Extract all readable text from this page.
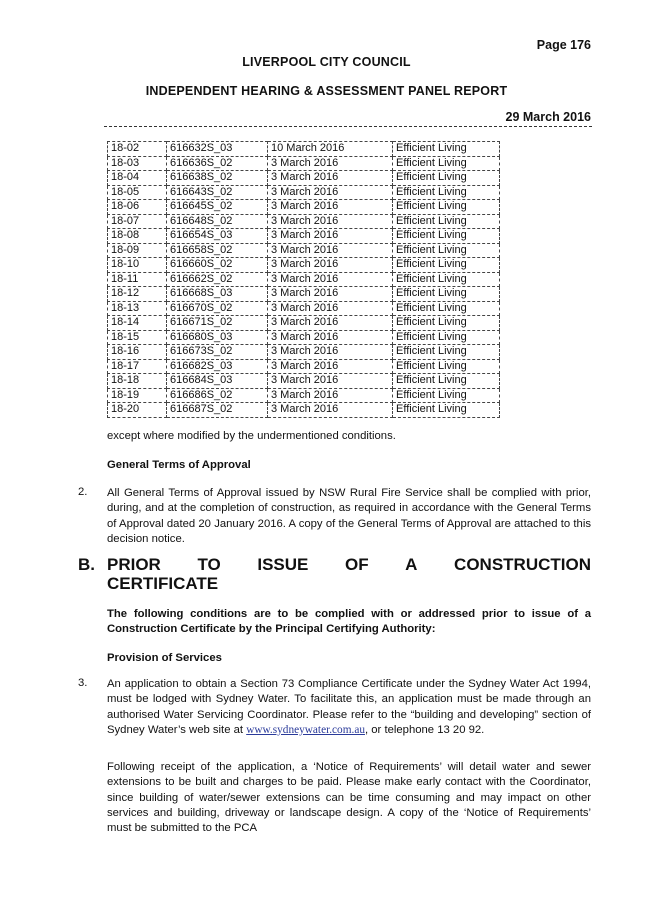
Page 176
LIVERPOOL CITY COUNCIL
INDEPENDENT HEARING & ASSESSMENT PANEL REPORT
29 March 2016
18-02	616632S_03	10 March 2016	Efficient Living
18-03	616636S_02	3 March 2016	Efficient Living
18-04	616638S_02	3 March 2016	Efficient Living
18-05	616643S_02	3 March 2016	Efficient Living
18-06	616645S_02	3 March 2016	Efficient Living
18-07	616648S_02	3 March 2016	Efficient Living
18-08	616654S_03	3 March 2016	Efficient Living
18-09	616658S_02	3 March 2016	Efficient Living
18-10	616660S_02	3 March 2016	Efficient Living
18-11	616662S_02	3 March 2016	Efficient Living
18-12	616668S_03	3 March 2016	Efficient Living
18-13	616670S_02	3 March 2016	Efficient Living
18-14	616671S_02	3 March 2016	Efficient Living
18-15	616680S_03	3 March 2016	Efficient Living
18-16	616673S_02	3 March 2016	Efficient Living
18-17	616682S_03	3 March 2016	Efficient Living
18-18	616684S_03	3 March 2016	Efficient Living
18-19	616686S_02	3 March 2016	Efficient Living
18-20	616687S_02	3 March 2016	Efficient Living
except where modified by the undermentioned conditions.
General Terms of Approval
2. All General Terms of Approval issued by NSW Rural Fire Service shall be complied with prior, during, and at the completion of construction, as required in accordance with the General Terms of Approval dated 20 January 2016. A copy of the General Terms of Approval are attached to this decision notice.
B. PRIOR TO ISSUE OF A CONSTRUCTION
CERTIFICATE
The following conditions are to be complied with or addressed prior to issue of a Construction Certificate by the Principal Certifying Authority:
Provision of Services
3. An application to obtain a Section 73 Compliance Certificate under the Sydney Water Act 1994, must be lodged with Sydney Water. To facilitate this, an application must be made through an authorised Water Servicing Coordinator. Please refer to the “building and developing” section of Sydney Water’s web site at www.sydneywater.com.au, or telephone 13 20 92.
Following receipt of the application, a ‘Notice of Requirements’ will detail water and sewer extensions to be built and charges to be paid. Please make early contact with the Coordinator, since building of water/sewer extensions can be time consuming and may impact on other services and building, driveway or landscape design. A copy of the ‘Notice of Requirements’ must be submitted to the PCA
